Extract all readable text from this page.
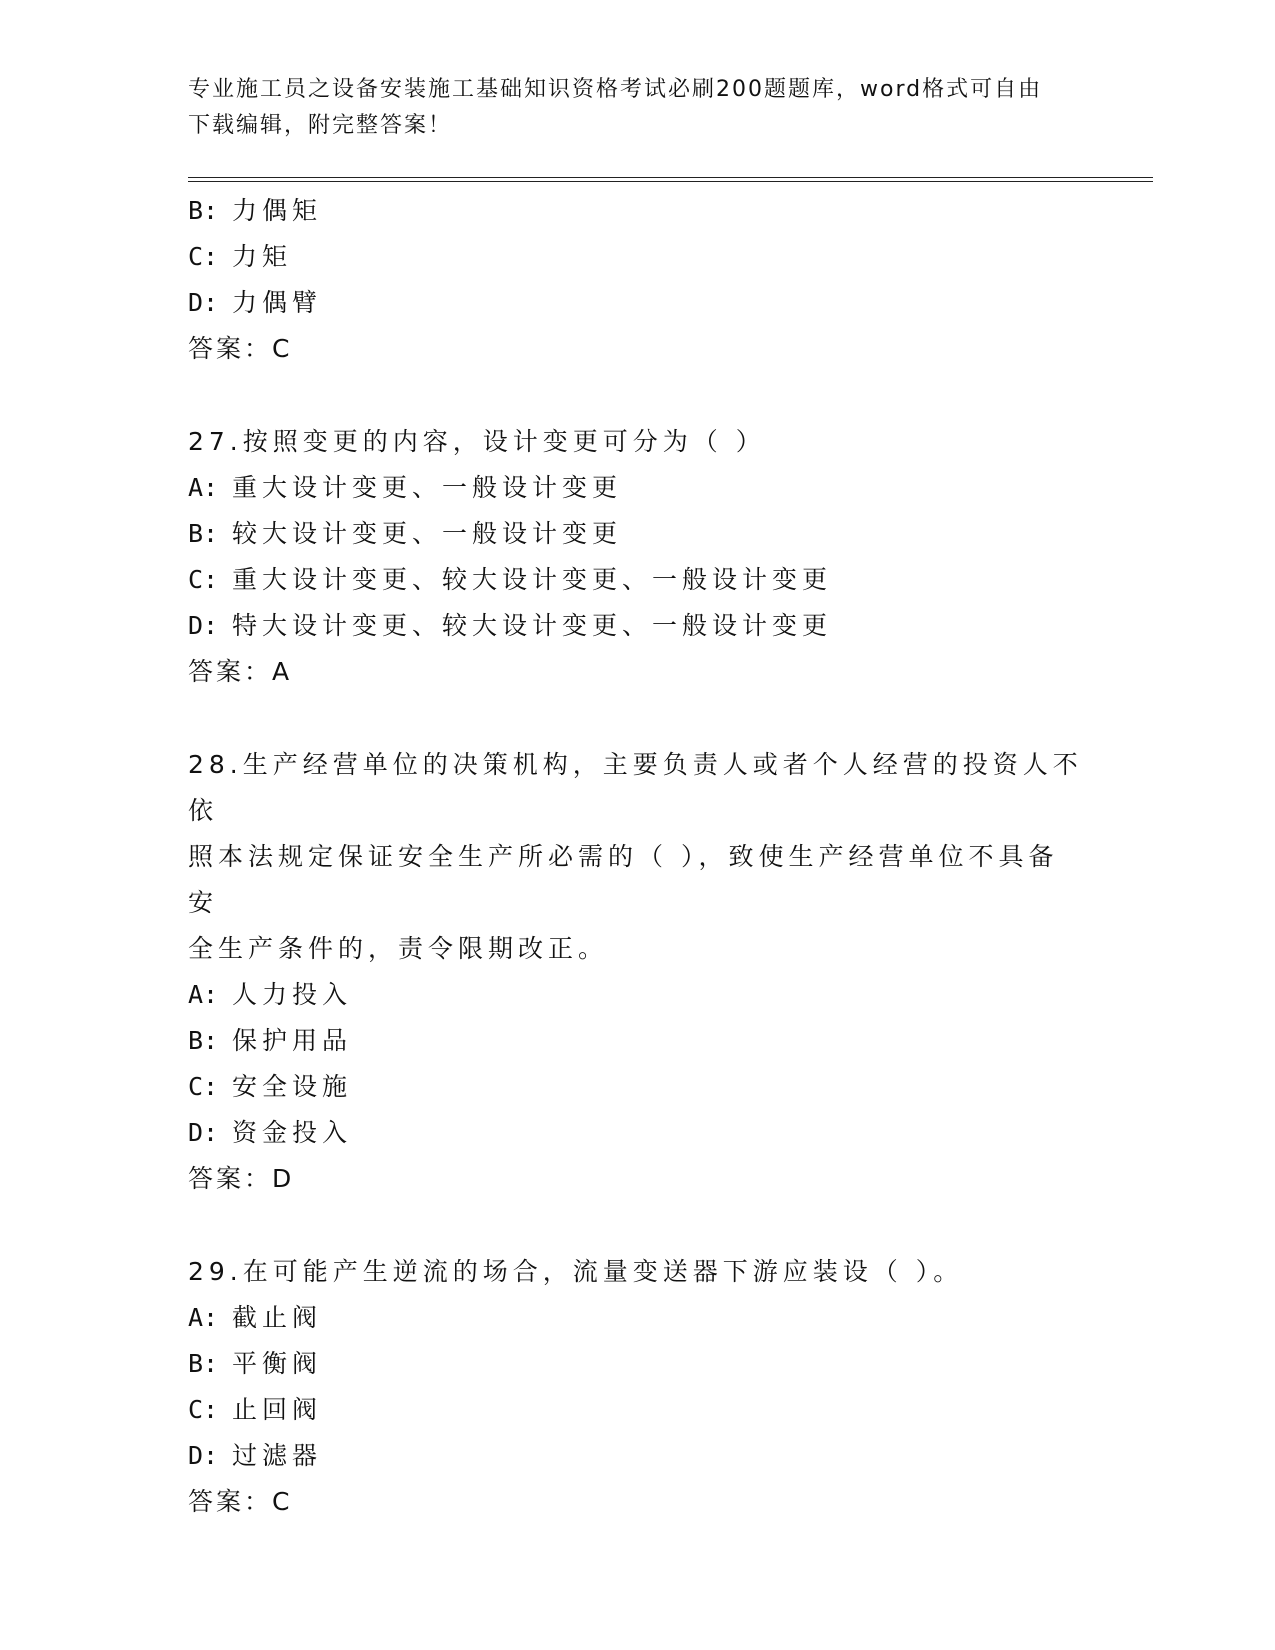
专业施工员之设备安装施工基础知识资格考试必刷200题题库，word格式可自由
下载编辑，附完整答案！
B: 力偶矩
C: 力矩
D: 力偶臂
答案：C
27.按照变更的内容，设计变更可分为（ ）
A: 重大设计变更、一般设计变更
B: 较大设计变更、一般设计变更
C: 重大设计变更、较大设计变更、一般设计变更
D: 特大设计变更、较大设计变更、一般设计变更
答案：A
28.生产经营单位的决策机构，主要负责人或者个人经营的投资人不依
照本法规定保证安全生产所必需的（ ），致使生产经营单位不具备安
全生产条件的，责令限期改正。
A: 人力投入
B: 保护用品
C: 安全设施
D: 资金投入
答案：D
29.在可能产生逆流的场合，流量变送器下游应装设（ ）。
A: 截止阀
B: 平衡阀
C: 止回阀
D: 过滤器
答案：C
